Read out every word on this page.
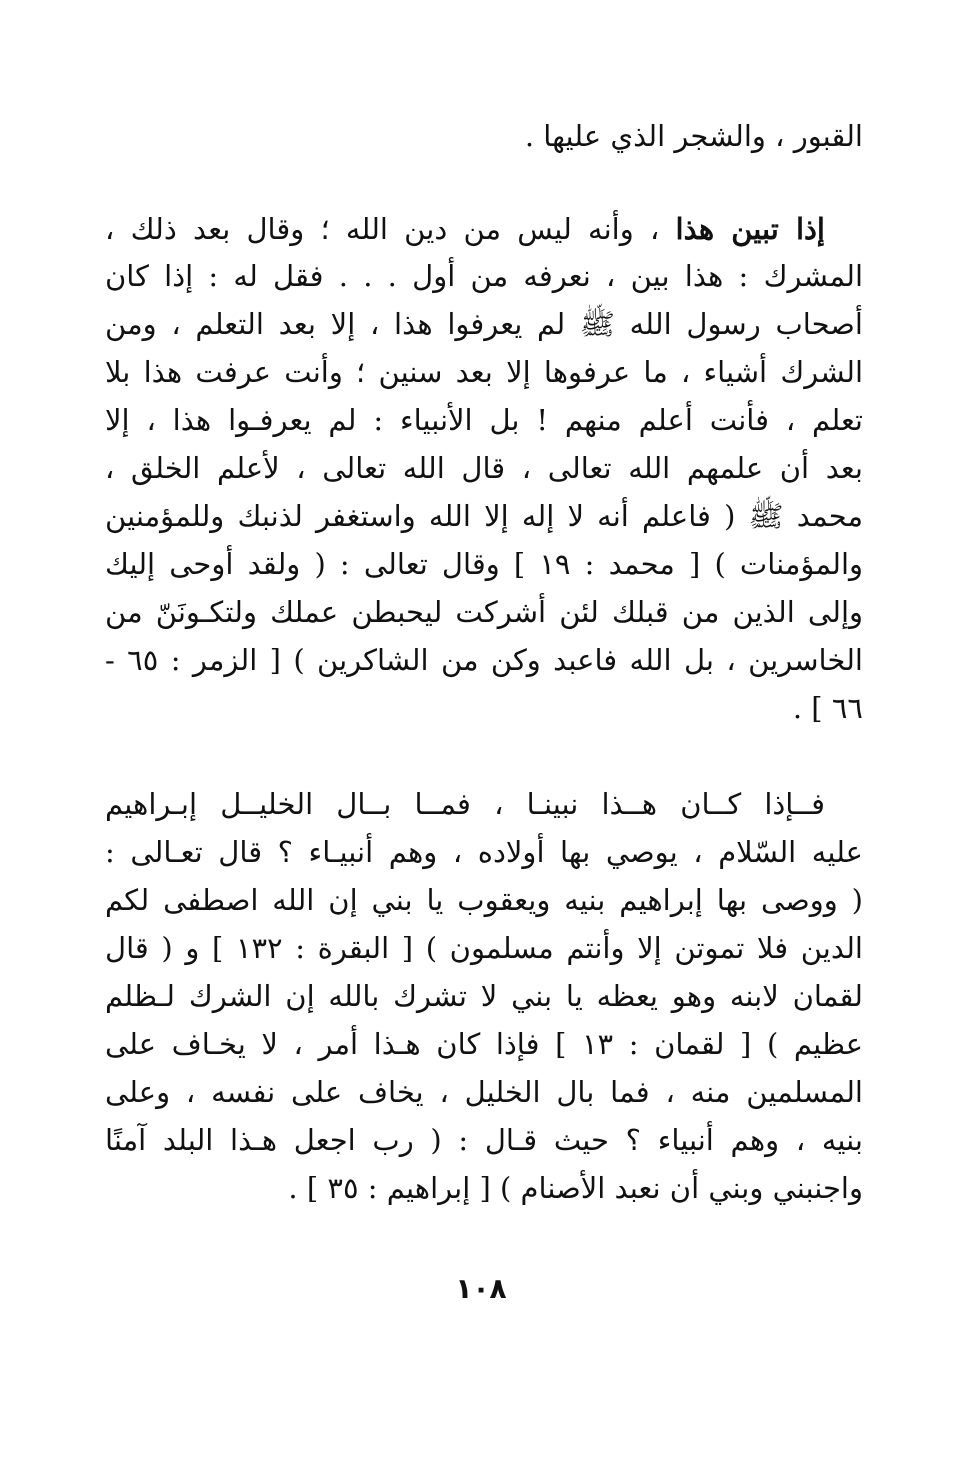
القبور ، والشجر الذي عليها .
إذا تبين هذا ، وأنه ليس من دين الله ؛ وقال بعد ذلك ،
المشرك : هذا بين ، نعرفه من أول . . . فقل له : إذا كان
أصحاب رسول الله ﷺ لم يعرفوا هذا ، إلا بعد التعلم ، ومن
الشرك أشياء ، ما عرفوها إلا بعد سنين ؛ وأنت عرفت هذا بلا
تعلم ، فأنت أعلم منهم ! بل الأنبياء : لم يعرفـوا هذا ، إلا
بعد أن علمهم الله تعالى ، قال الله تعالى ، لأعلم الخلق ،
محمد ﷺ ( فاعلم أنه لا إله إلا الله واستغفر لذنبك وللمؤمنين
والمؤمنات ) [ محمد : ١٩ ] وقال تعالى : ( ولقد أوحى إليك
وإلى الذين من قبلك لئن أشركت ليحبطن عملك ولتكـونَنّ من
الخاسرين ، بل الله فاعبد وكن من الشاكرين ) [ الزمر : ٦٥ -
٦٦ ] .
فــإذا كــان هــذا نبينـا ، فمــا بــال الخليــل إبـراهيم
عليه السّلام ، يوصي بها أولاده ، وهم أنبيـاء ؟ قال تعـالى :
( ووصى بها إبراهيم بنيه ويعقوب يا بني إن الله اصطفى لكم
الدين فلا تموتن إلا وأنتم مسلمون ) [ البقرة : ١٣٢ ] و ( قال
لقمان لابنه وهو يعظه يا بني لا تشرك بالله إن الشرك لـظلم
عظيم ) [ لقمان : ١٣ ] فإذا كان هـذا أمر ، لا يخـاف على
المسلمين منه ، فما بال الخليل ، يخاف على نفسه ، وعلى
بنيه ، وهم أنبياء ؟ حيث قـال : ( رب اجعل هـذا البلد آمنًا
واجنبني وبني أن نعبد الأصنام ) [ إبراهيم : ٣٥ ] .
١٠٨
